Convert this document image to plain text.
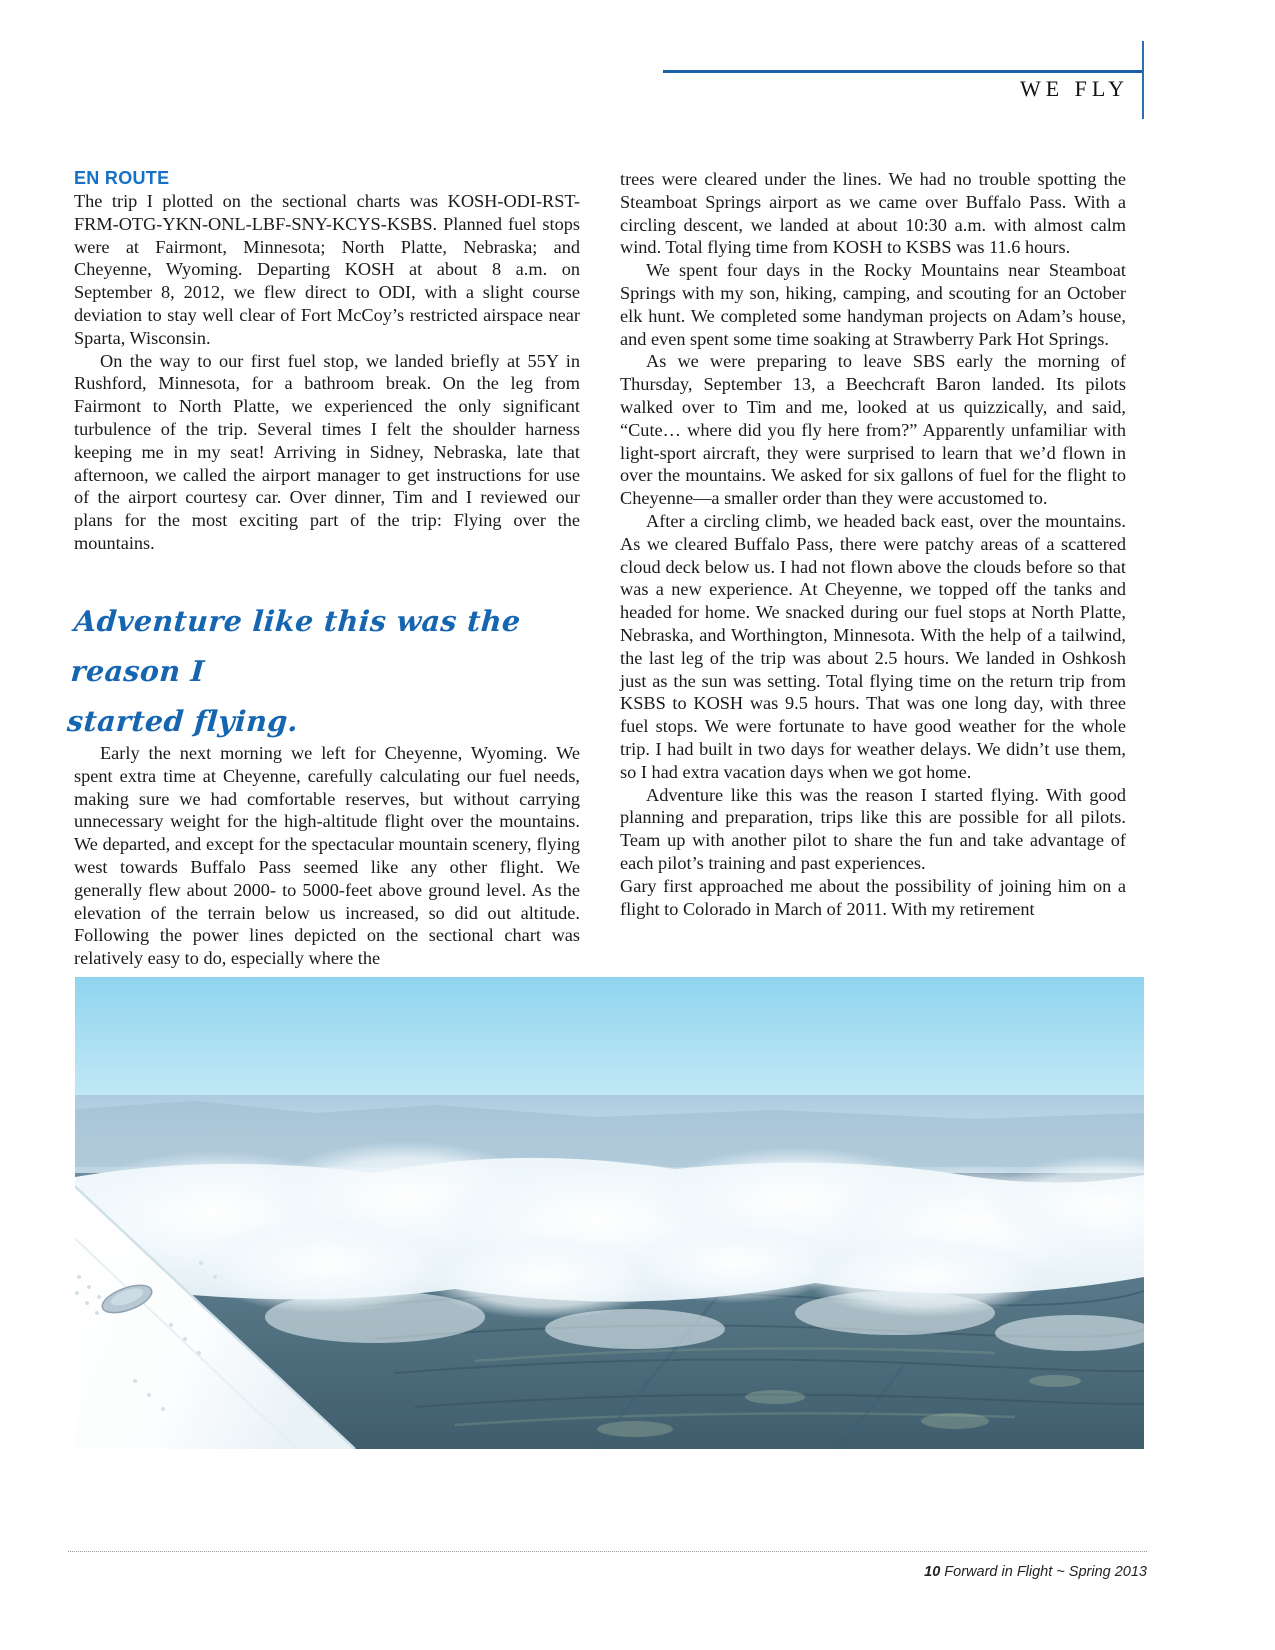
WE FLY
EN ROUTE

The trip I plotted on the sectional charts was KOSH-ODI-RST-FRM-OTG-YKN-ONL-LBF-SNY-KCYS-KSBS. Planned fuel stops were at Fairmont, Minnesota; North Platte, Nebraska; and Cheyenne, Wyoming. Departing KOSH at about 8 a.m. on September 8, 2012, we flew direct to ODI, with a slight course deviation to stay well clear of Fort McCoy’s restricted airspace near Sparta, Wisconsin.

On the way to our first fuel stop, we landed briefly at 55Y in Rushford, Minnesota, for a bathroom break. On the leg from Fairmont to North Platte, we experienced the only significant turbulence of the trip. Several times I felt the shoulder harness keeping me in my seat! Arriving in Sidney, Nebraska, late that afternoon, we called the airport manager to get instructions for use of the airport courtesy car. Over dinner, Tim and I reviewed our plans for the most exciting part of the trip: Flying over the mountains.

Adventure like this was the reason I
started flying.

Early the next morning we left for Cheyenne, Wyoming. We spent extra time at Cheyenne, carefully calculating our fuel needs, making sure we had comfortable reserves, but without carrying unnecessary weight for the high-altitude flight over the mountains. We departed, and except for the spectacular mountain scenery, flying west towards Buffalo Pass seemed like any other flight. We generally flew about 2000- to 5000-feet above ground level. As the elevation of the terrain below us increased, so did out altitude. Following the power lines depicted on the sectional chart was relatively easy to do, especially where the

trees were cleared under the lines. We had no trouble spotting the Steamboat Springs airport as we came over Buffalo Pass. With a circling descent, we landed at about 10:30 a.m. with almost calm wind. Total flying time from KOSH to KSBS was 11.6 hours.

We spent four days in the Rocky Mountains near Steamboat Springs with my son, hiking, camping, and scouting for an October elk hunt. We completed some handyman projects on Adam’s house, and even spent some time soaking at Strawberry Park Hot Springs.

As we were preparing to leave SBS early the morning of Thursday, September 13, a Beechcraft Baron landed. Its pilots walked over to Tim and me, looked at us quizzically, and said, “Cute… where did you fly here from?” Apparently unfamiliar with light-sport aircraft, they were surprised to learn that we’d flown in over the mountains. We asked for six gallons of fuel for the flight to Cheyenne—a smaller order than they were accustomed to.

After a circling climb, we headed back east, over the mountains. As we cleared Buffalo Pass, there were patchy areas of a scattered cloud deck below us. I had not flown above the clouds before so that was a new experience. At Cheyenne, we topped off the tanks and headed for home. We snacked during our fuel stops at North Platte, Nebraska, and Worthington, Minnesota. With the help of a tailwind, the last leg of the trip was about 2.5 hours. We landed in Oshkosh just as the sun was setting. Total flying time on the return trip from KSBS to KOSH was 9.5 hours. That was one long day, with three fuel stops. We were fortunate to have good weather for the whole trip. I had built in two days for weather delays. We didn’t use them, so I had extra vacation days when we got home.

Adventure like this was the reason I started flying. With good planning and preparation, trips like this are possible for all pilots. Team up with another pilot to share the fun and take advantage of each pilot’s training and past experiences.

Gary first approached me about the possibility of joining him on a flight to Colorado in March of 2011. With my retirement

10 Forward in Flight ~ Spring 2013
